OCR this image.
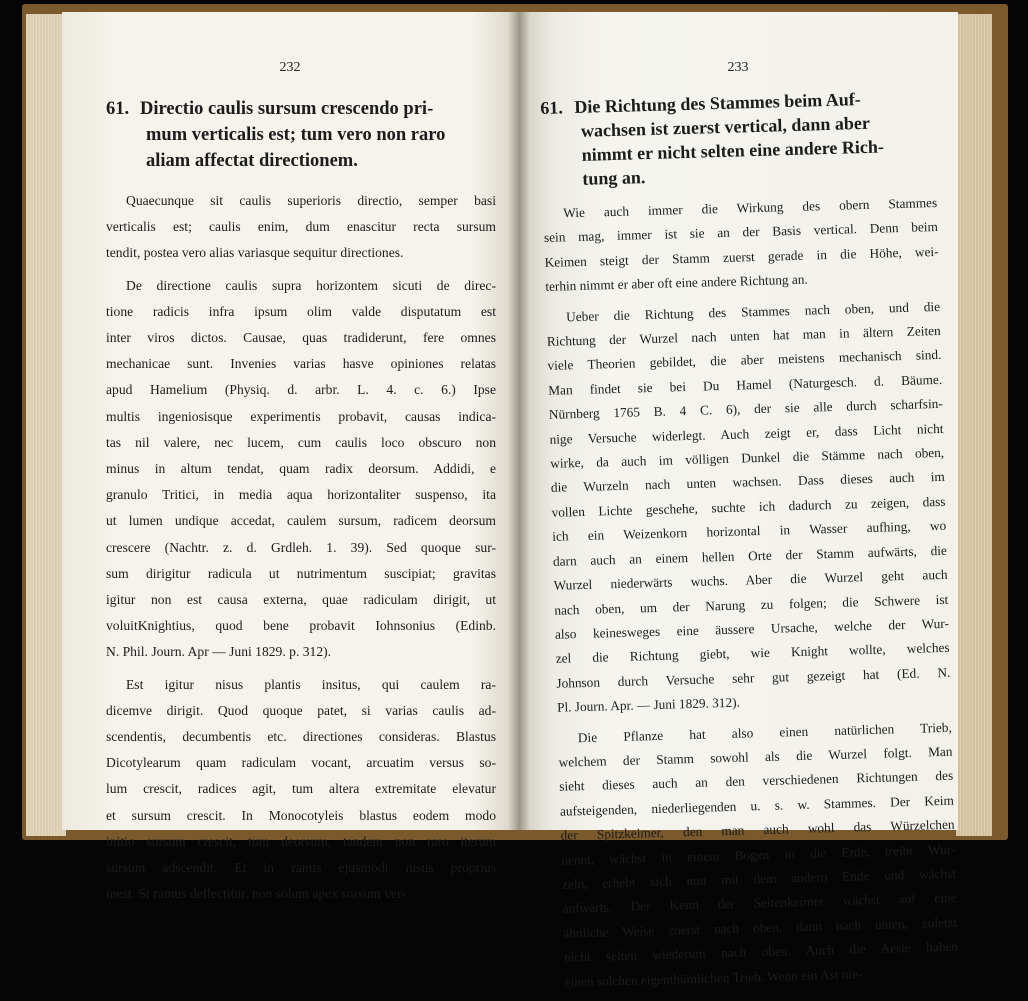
232
61. Directio caulis sursum crescendo pri-
mum verticalis est; tum vero non raro
aliam affectat directionem.
Quaecunque sit caulis superioris directio, semper basi
verticalis est; caulis enim, dum enascitur recta sursum
tendit, postea vero alias variasque sequitur directiones.
De directione caulis supra horizontem sicuti de direc-
tione radicis infra ipsum olim valde disputatum est
inter viros dictos. Causae, quas tradiderunt, fere omnes
mechanicae sunt. Invenies varias hasve opiniones relatas
apud Hamelium (Physiq. d. arbr. L. 4. c. 6.) Ipse
multis ingeniosisque experimentis probavit, causas indica-
tas nil valere, nec lucem, cum caulis loco obscuro non
minus in altum tendat, quam radix deorsum. Addidi, e
granulo Tritici, in media aqua horizontaliter suspenso, ita
ut lumen undique accedat, caulem sursum, radicem deorsum
crescere (Nachtr. z. d. Grdleh. 1. 39). Sed quoque sur-
sum dirigitur radicula ut nutrimentum suscipiat; gravitas
igitur non est causa externa, quae radiculam dirigit, ut
voluitKnightius, quod bene probavit Iohnsonius (Edinb.
N. Phil. Journ. Apr — Juni 1829. p. 312).
Est igitur nisus plantis insitus, qui caulem ra-
dicemve dirigit. Quod quoque patet, si varias caulis ad-
scendentis, decumbentis etc. directiones consideras. Blastus
Dicotylearum quam radiculam vocant, arcuatim versus so-
lum crescit, radices agit, tum altera extremitate elevatur
et sursum crescit. In Monocotyleis blastus eodem modo
initio sursum crescit, tum deorsum, tandem non raro iterum
sursum adscendit. Et in ramis ejusmodi nisus proprius
inest. Si ramus deflectitur, non solum apex sursum ver-
233
61. Die Richtung des Stammes beim Auf-
wachsen ist zuerst vertical, dann aber
nimmt er nicht selten eine andere Rich-
tung an.
Wie auch immer die Wirkung des obern Stammes
sein mag, immer ist sie an der Basis vertical. Denn beim
Keimen steigt der Stamm zuerst gerade in die Höhe, wei-
terhin nimmt er aber oft eine andere Richtung an.
Ueber die Richtung des Stammes nach oben, und die
Richtung der Wurzel nach unten hat man in ältern Zeiten
viele Theorien gebildet, die aber meistens mechanisch sind.
Man findet sie bei Du Hamel (Naturgesch. d. Bäume.
Nürnberg 1765 B. 4 C. 6), der sie alle durch scharfsin-
nige Versuche widerlegt. Auch zeigt er, dass Licht nicht
wirke, da auch im völligen Dunkel die Stämme nach oben,
die Wurzeln nach unten wachsen. Dass dieses auch im
vollen Lichte geschehe, suchte ich dadurch zu zeigen, dass
ich ein Weizenkorn horizontal in Wasser aufhing, wo
darn auch an einem hellen Orte der Stamm aufwärts, die
Wurzel niederwärts wuchs. Aber die Wurzel geht auch
nach oben, um der Narung zu folgen; die Schwere ist
also keinesweges eine äussere Ursache, welche der Wur-
zel die Richtung giebt, wie Knight wollte, welches
Johnson durch Versuche sehr gut gezeigt hat (Ed. N.
Pl. Journ. Apr. — Juni 1829. 312).
Die Pflanze hat also einen natürlichen Trieb,
welchem der Stamm sowohl als die Wurzel folgt. Man
sieht dieses auch an den verschiedenen Richtungen des
aufsteigenden, niederliegenden u. s. w. Stammes. Der Keim
der Spitzkeimer, den man auch wohl das Würzelchen
nennt, wächst in einem Bogen in die Erde, treibt Wur-
zeln, erhebt sich nun mit dem andern Ende und wächst
aufwärts. Der Keim der Seitenkeimer wächst auf eine
ähnliche Weise zuerst nach oben, dann nach unten, zuletzt
nicht selten wiederum nach oben. Auch die Aeste haben
einen solchen eigenthümlichen Trieb. Wenn ein Ast nie-
